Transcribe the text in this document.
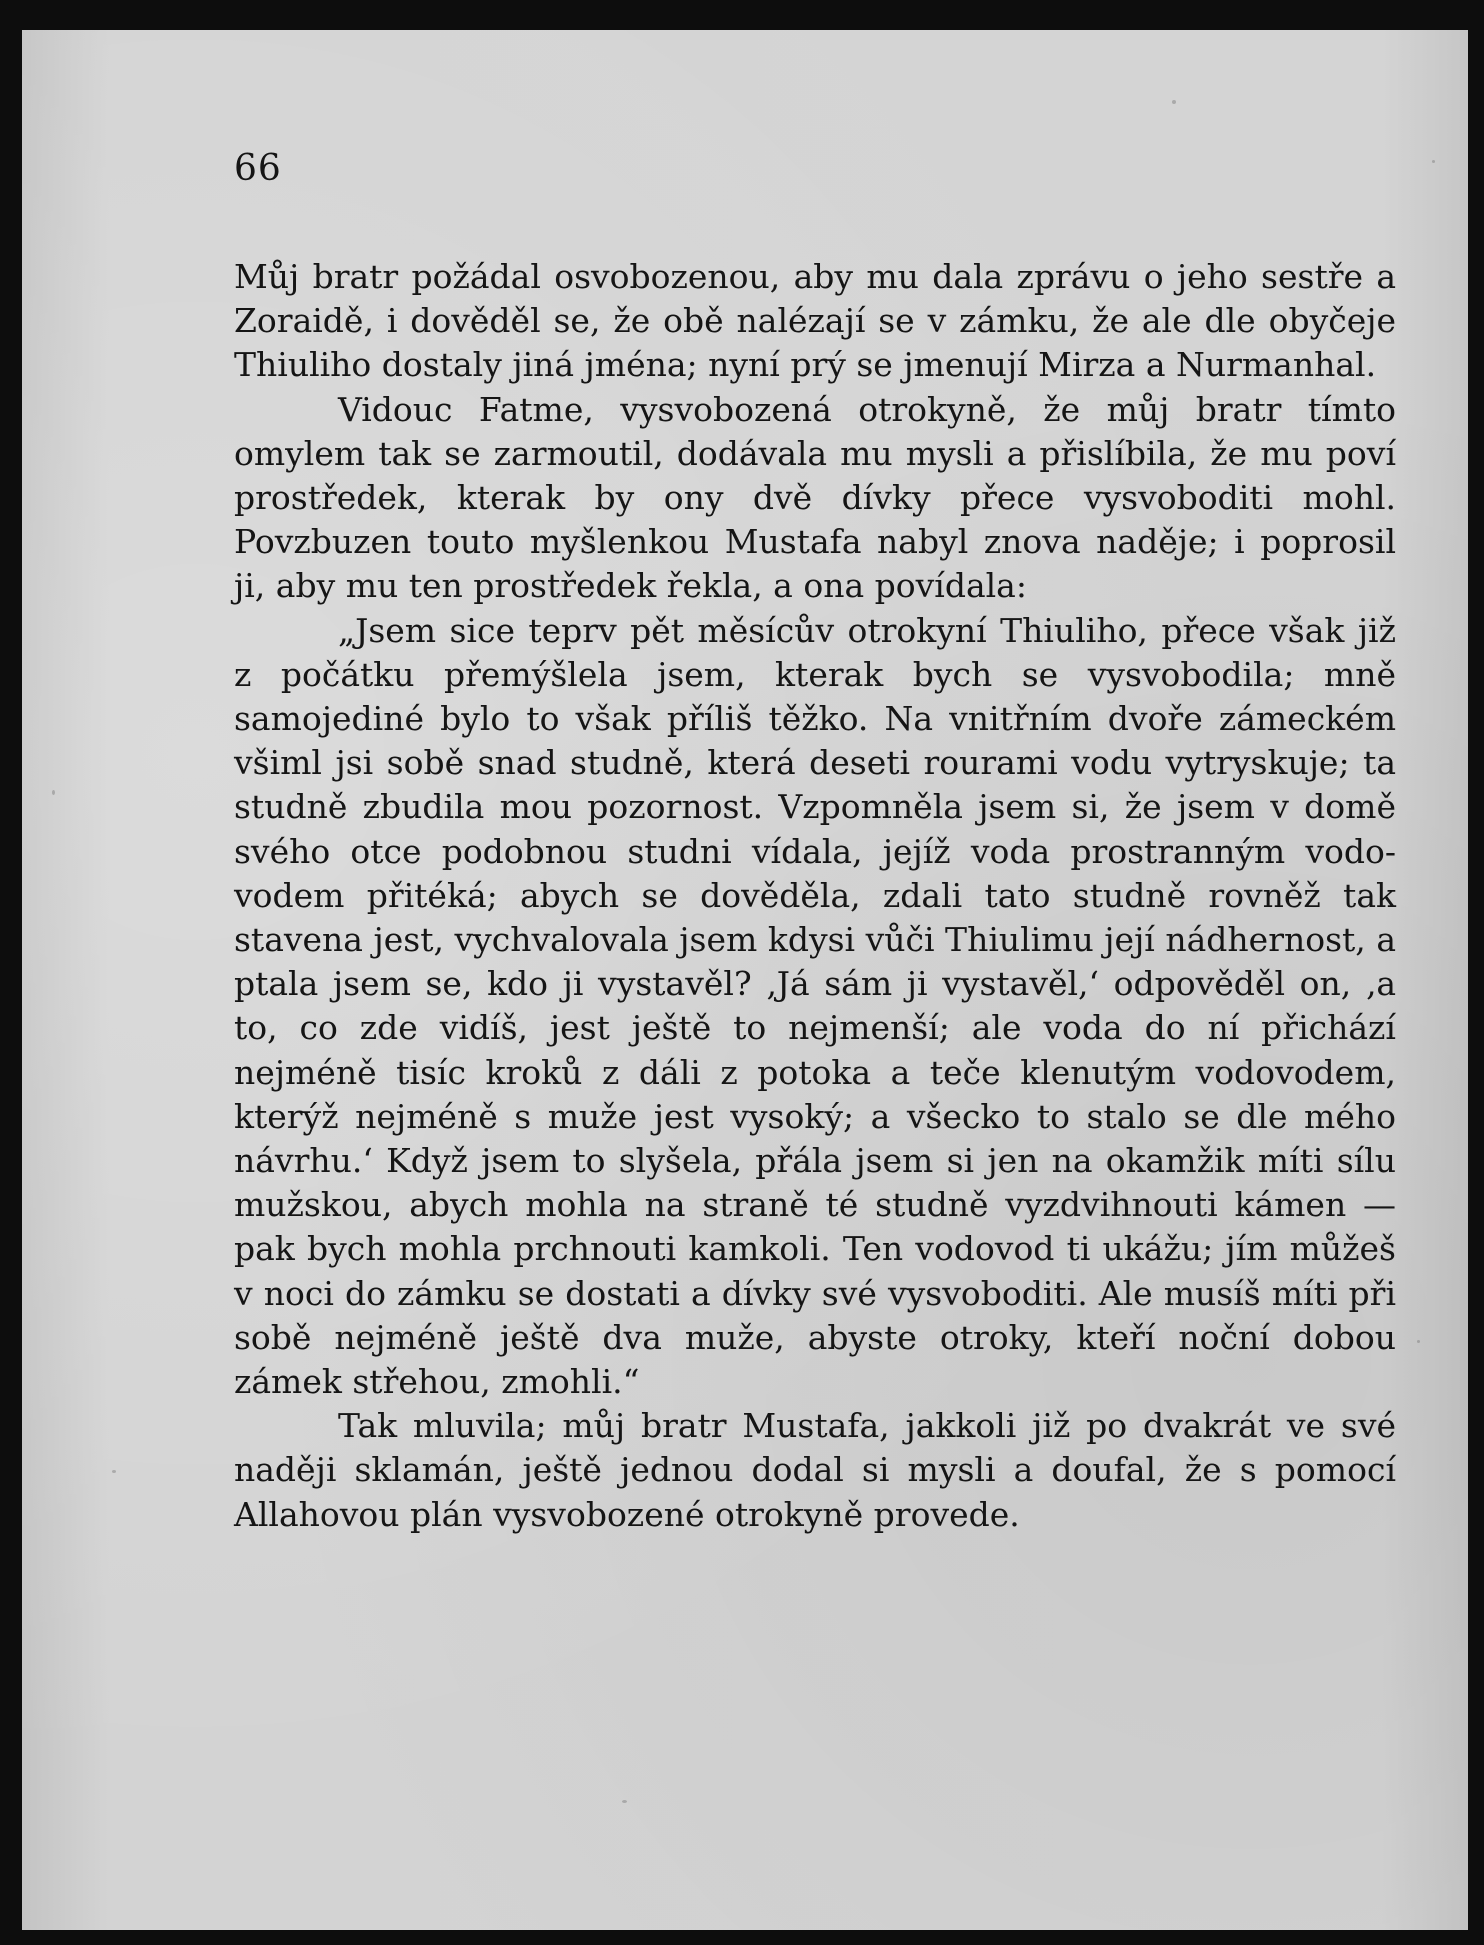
66

Můj bratr požádal osvobozenou, aby mu dala zprávu o jeho sestře a Zoraidě, i dověděl se, že obě nalézají se v zámku, že ale dle obyčeje Thiuliho dostaly jiná jména; nyní prý se jmenují Mirza a Nurmanhal.

Vidouc Fatme, vysvobozená otrokyně, že můj bratr tímto omylem tak se zarmoutil, dodávala mu mysli a přislíbila, že mu poví prostředek, kterak by ony dvě dívky přece vysvoboditi mohl. Povzbuzen touto myšlenkou Mustafa nabyl znova naděje; i poprosil ji, aby mu ten prostředek řekla, a ona povídala:

„Jsem sice teprv pět měsícův otrokyní Thiuliho, přece však již z počátku přemýšlela jsem, kterak bych se vysvobodila; mně samojediné bylo to však příliš těžko. Na vnitřním dvoře zámeckém všiml jsi sobě snad studně, která deseti rourami vodu vytryskuje; ta studně zbudila mou pozornost. Vzpomněla jsem si, že jsem v domě svého otce podobnou studni vídala, jejíž voda prostranným vodovodem přitéká; abych se dověděla, zdali tato studně rovněž tak stavena jest, vychvalovala jsem kdysi vůči Thiulimu její nádhernost, a ptala jsem se, kdo ji vystavěl? ‚Já sám ji vystavěl,‘ odpověděl on, ‚a to, co zde vidíš, jest ještě to nejmenší; ale voda do ní přichází nejméně tisíc kroků z dáli z potoka a teče klenutým vodovodem, kterýž nejméně s muže jest vysoký; a všecko to stalo se dle mého návrhu.‘ Když jsem to slyšela, přála jsem si jen na okamžik míti sílu mužskou, abych mohla na straně té studně vyzdvihnouti kámen — pak bych mohla prchnouti kamkoli. Ten vodovod ti ukážu; jím můžeš v noci do zámku se dostati a dívky své vysvoboditi. Ale musíš míti při sobě nejméně ještě dva muže, abyste otroky, kteří noční dobou zámek střehou, zmohli.“

Tak mluvila; můj bratr Mustafa, jakkoli již po dvakrát ve své naději sklamán, ještě jednou dodal si mysli a doufal, že s pomocí Allahovou plán vysvobozené otrokyně provede.
